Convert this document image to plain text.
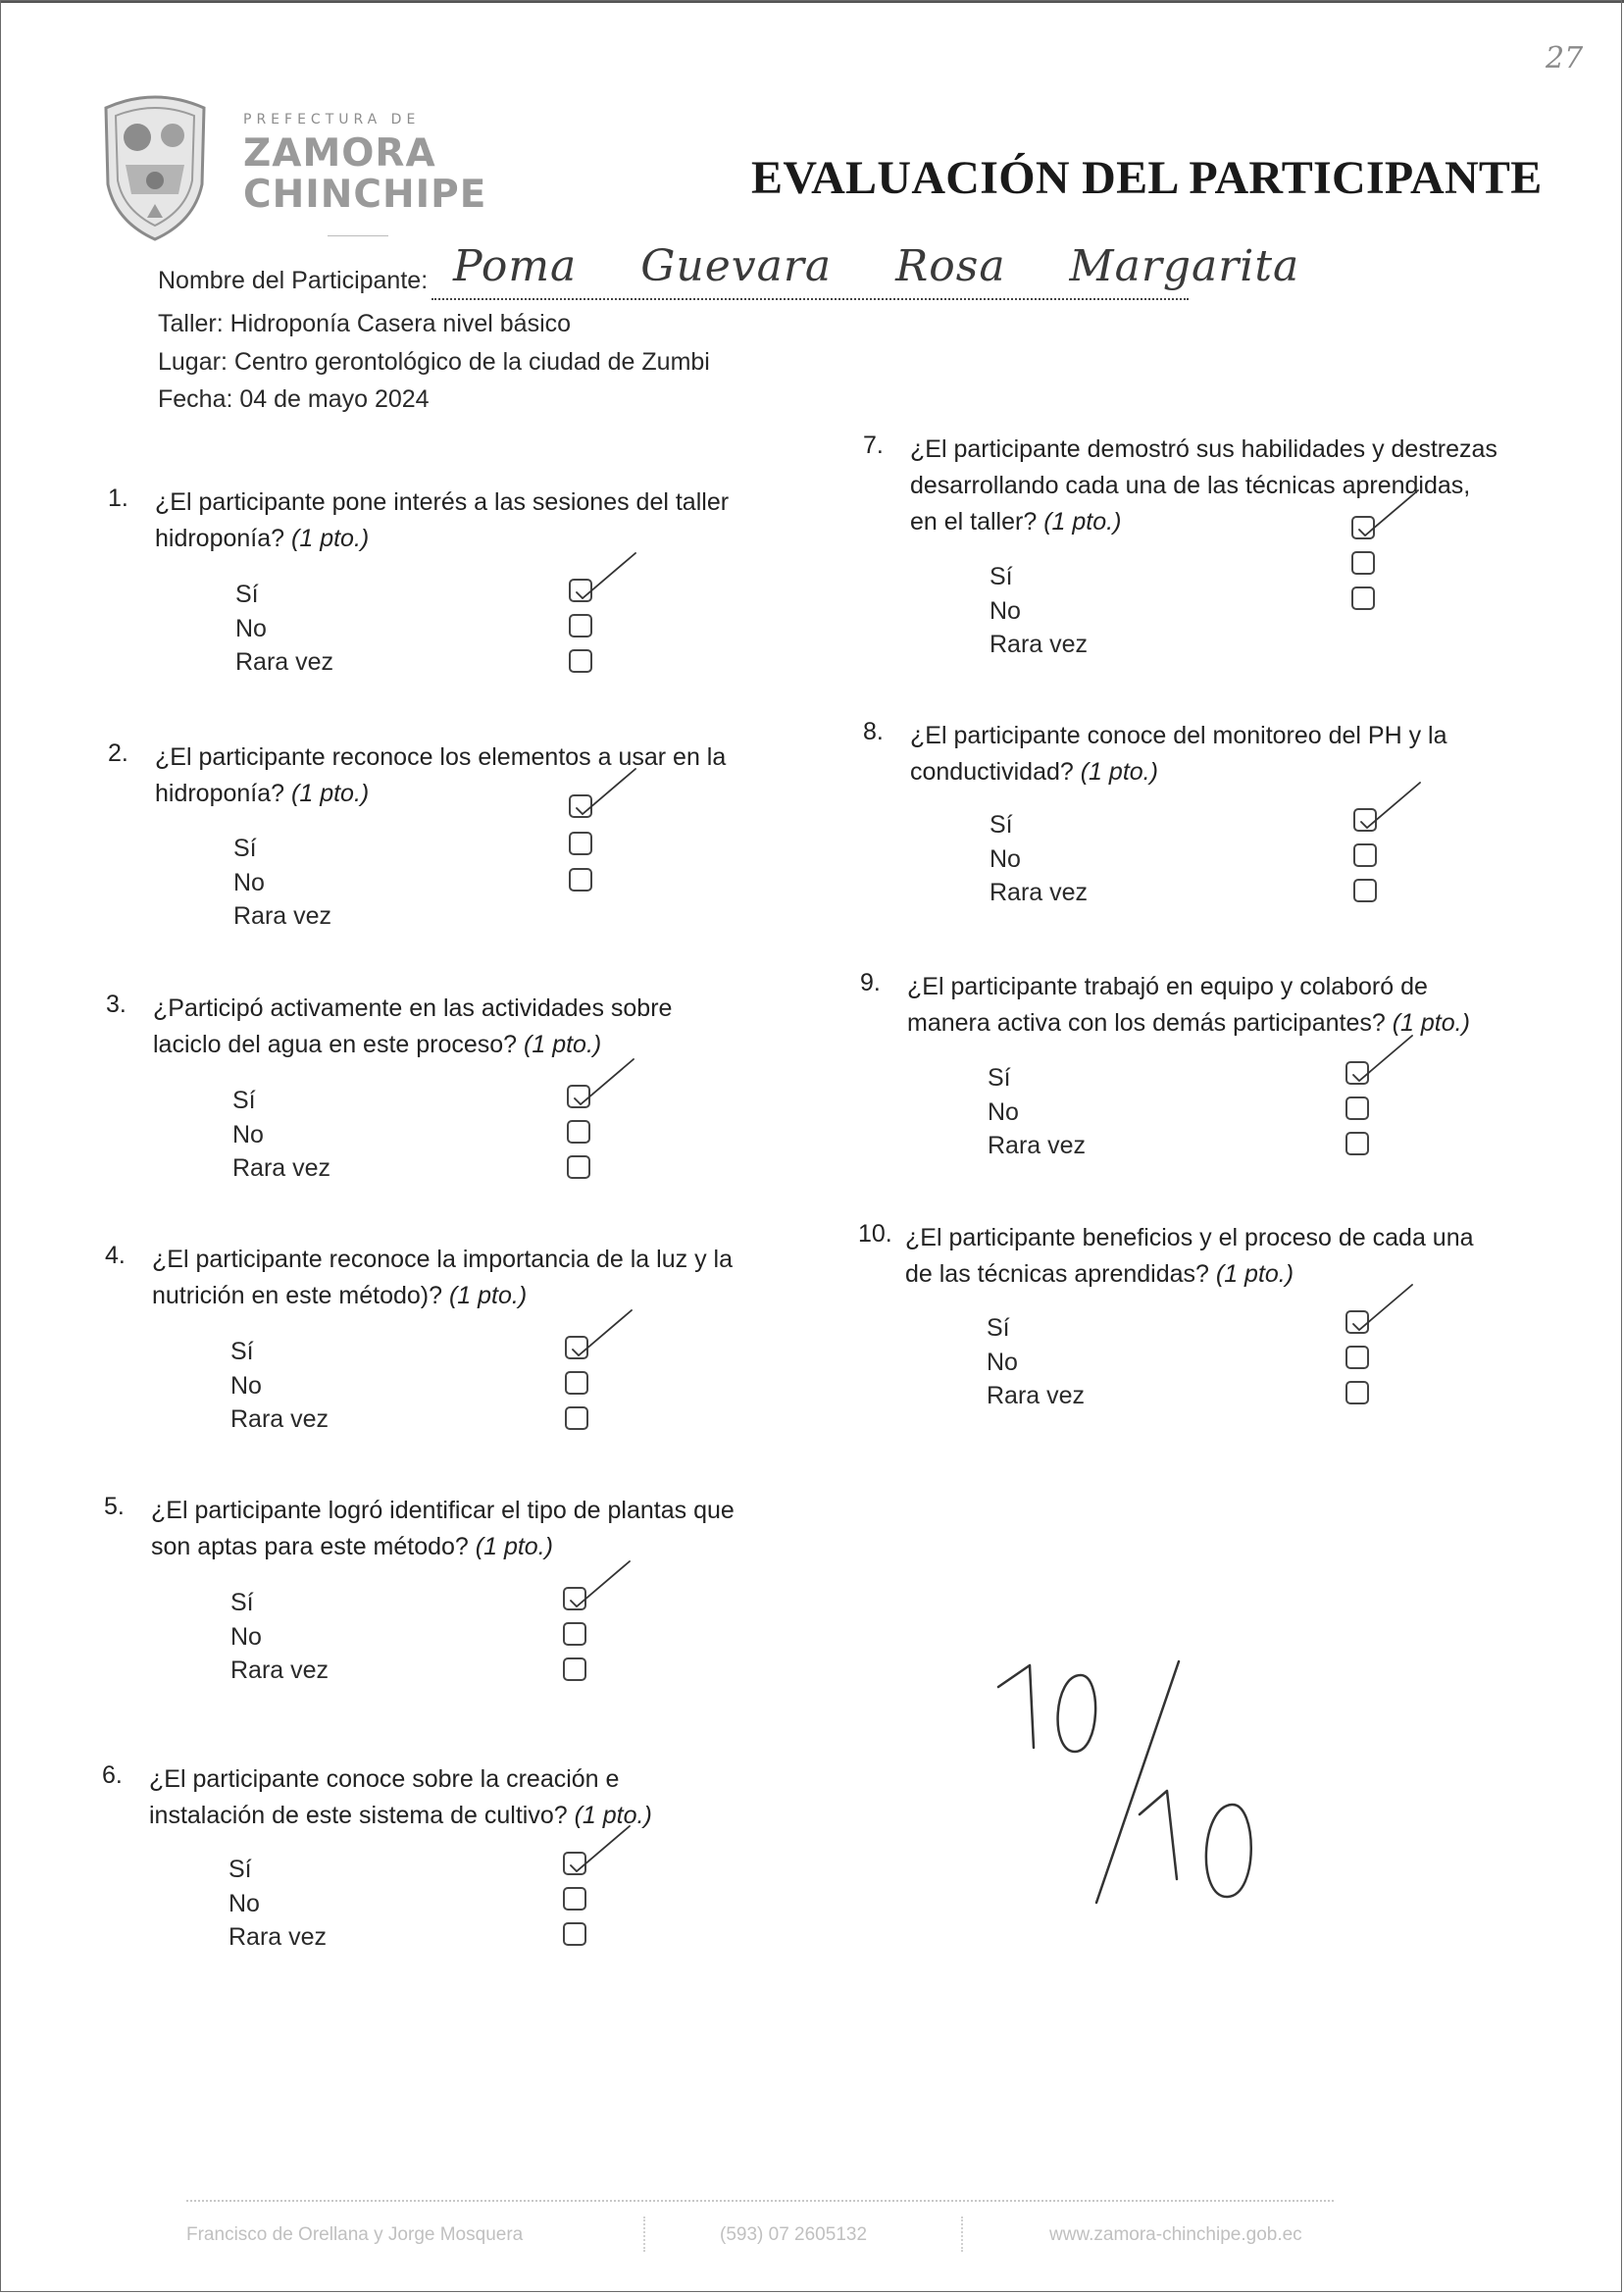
27
PREFECTURA DE
ZAMORA
CHINCHIPE	EVALUACIÓN DEL PARTICIPANTE
Nombre del Participante: Poma Guevara Rosa Margarita
Taller: Hidroponía Casera nivel básico
Lugar: Centro gerontológico de la ciudad de Zumbi
Fecha: 04 de mayo 2024
1. ¿El participante pone interés a las sesiones del taller hidroponía? (1 pto.)
Sí
No
Rara vez
2. ¿El participante reconoce los elementos a usar en la hidroponía? (1 pto.)
Sí
No
Rara vez
3. ¿Participó activamente en las actividades sobre laciclo del agua en este proceso? (1 pto.)
Sí
No
Rara vez
4. ¿El participante reconoce la importancia de la luz y la nutrición en este método)? (1 pto.)
Sí
No
Rara vez
5. ¿El participante logró identificar el tipo de plantas que son aptas para este método? (1 pto.)
Sí
No
Rara vez
6. ¿El participante conoce sobre la creación e instalación de este sistema de cultivo? (1 pto.)
Sí
No
Rara vez
7. ¿El participante demostró sus habilidades y destrezas desarrollando cada una de las técnicas aprendidas, en el taller? (1 pto.)
Sí
No
Rara vez
8. ¿El participante conoce del monitoreo del PH y la conductividad? (1 pto.)
Sí
No
Rara vez
9. ¿El participante trabajó en equipo y colaboró de manera activa con los demás participantes? (1 pto.)
Sí
No
Rara vez
10. ¿El participante beneficios y el proceso de cada una de las técnicas aprendidas? (1 pto.)
Sí
No
Rara vez
10/10
Francisco de Orellana y Jorge Mosquera	(593) 07 2605132	www.zamora-chinchipe.gob.ec
